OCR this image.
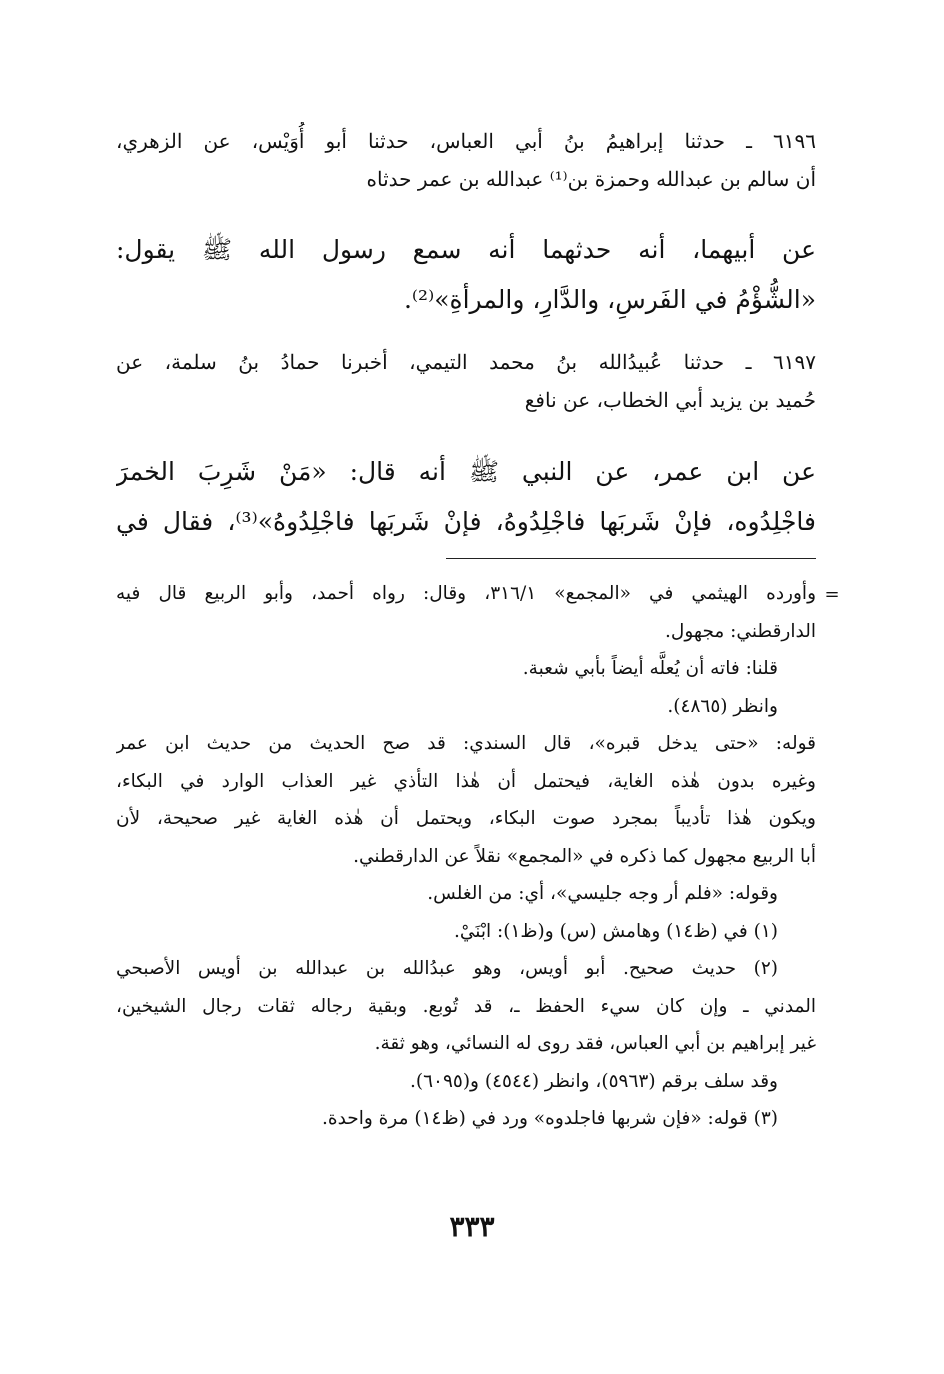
٦١٩٦ ـ حدثنا إبراهيمُ بنُ أبي العباس، حدثنا أبو أُوَيْس، عن الزهري،
أن سالم بن عبدالله وحمزة بن⁽¹⁾ عبدالله بن عمر حدثاه
عن أبيهما، أنه حدثهما أنه سمع رسول الله ﷺ يقول:
«الشُّؤْمُ في الفَرسِ، والدَّارِ، والمرأةِ»⁽²⁾.
٦١٩٧ ـ حدثنا عُبيدُالله بنُ محمد التيمي، أخبرنا حمادُ بنُ سلمة، عن
حُميد بن يزيد أبي الخطاب، عن نافع
عن ابن عمر، عن النبي ﷺ أنه قال: «مَنْ شَرِبَ الخمرَ
فاجْلِدُوه، فإنْ شَربَها فاجْلِدُوهُ، فإنْ شَربَها فاجْلِدُوهُ»⁽³⁾، فقال في
=
وأورده الهيثمي في «المجمع» ٣١٦/١، وقال: رواه أحمد، وأبو الربيع قال فيه
الدارقطني: مجهول.
قلنا: فاته أن يُعلَّه أيضاً بأبي شعبة.
وانظر (٤٨٦٥).
قوله: «حتى يدخل قبره»، قال السندي: قد صح الحديث من حديث ابن عمر
وغيره بدون هٰذه الغاية، فيحتمل أن هٰذا التأذي غير العذاب الوارد في البكاء،
ويكون هٰذا تأديباً بمجرد صوت البكاء، ويحتمل أن هٰذه الغاية غير صحيحة، لأن
أبا الربيع مجهول كما ذكره في «المجمع» نقلاً عن الدارقطني.
وقوله: «فلم أر وجه جليسي»، أي: من الغلس.
(١) في (ظ١٤) وهامش (س) و(ظ١): ابْنَيْ.
(٢) حديث صحيح. أبو أويس، وهو عبدُالله بن عبدالله بن أويس الأصبحي
المدني ـ وإن كان سيء الحفظ ـ، قد تُوبع. وبقية رجاله ثقات رجال الشيخين،
غير إبراهيم بن أبي العباس، فقد روى له النسائي، وهو ثقة.
وقد سلف برقم (٥٩٦٣)، وانظر (٤٥٤٤) و(٦٠٩٥).
(٣) قوله: «فإن شربها فاجلدوه» ورد في (ظ١٤) مرة واحدة.
٣٣٣
